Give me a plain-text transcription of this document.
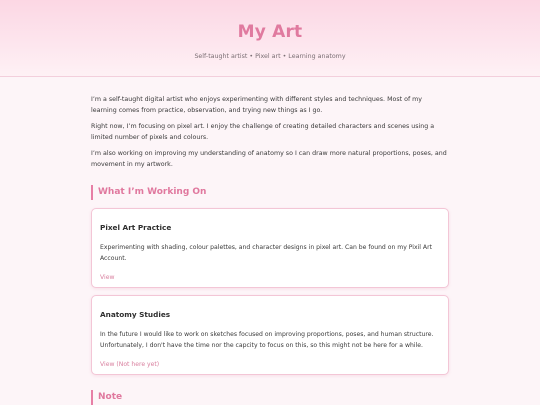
My Art
Self-taught artist • Pixel art • Learning anatomy

I’m a self-taught digital artist who enjoys experimenting with different styles and techniques. Most of my learning comes from practice, observation, and trying new things as I go.

Right now, I’m focusing on pixel art. I enjoy the challenge of creating detailed characters and scenes using a limited number of pixels and colours.

I’m also working on improving my understanding of anatomy so I can draw more natural proportions, poses, and movement in my artwork.

What I’m Working On
Pixel Art Practice
Experimenting with shading, colour palettes, and character designs in pixel art. Can be found on my Pixil Art Account.
View
Anatomy Studies
In the future I would like to work on sketches focused on improving proportions, poses, and human structure. Unfortunately, I don't have the time nor the capcity to focus on this, so this might not be here for a while.
View (Not here yet)
Note
